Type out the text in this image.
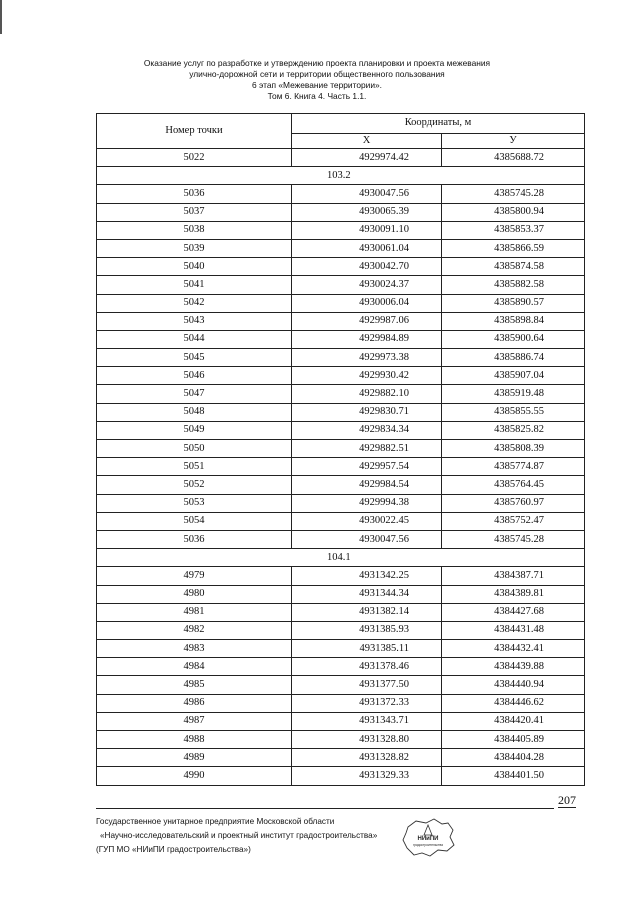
Оказание услуг по разработке и утверждению проекта планировки и проекта межевания
улично-дорожной сети и территории общественного пользования
6 этап «Межевание территории».
Том 6. Книга 4. Часть 1.1.
Номер точки	Координаты, м	
	X	У
5022	4929974.42	4385688.72
103.2		
5036	4930047.56	4385745.28
5037	4930065.39	4385800.94
5038	4930091.10	4385853.37
5039	4930061.04	4385866.59
5040	4930042.70	4385874.58
5041	4930024.37	4385882.58
5042	4930006.04	4385890.57
5043	4929987.06	4385898.84
5044	4929984.89	4385900.64
5045	4929973.38	4385886.74
5046	4929930.42	4385907.04
5047	4929882.10	4385919.48
5048	4929830.71	4385855.55
5049	4929834.34	4385825.82
5050	4929882.51	4385808.39
5051	4929957.54	4385774.87
5052	4929984.54	4385764.45
5053	4929994.38	4385760.97
5054	4930022.45	4385752.47
5036	4930047.56	4385745.28
104.1		
4979	4931342.25	4384387.71
4980	4931344.34	4384389.81
4981	4931382.14	4384427.68
4982	4931385.93	4384431.48
4983	4931385.11	4384432.41
4984	4931378.46	4384439.88
4985	4931377.50	4384440.94
4986	4931372.33	4384446.62
4987	4931343.71	4384420.41
4988	4931328.80	4384405.89
4989	4931328.82	4384404.28
4990	4931329.33	4384401.50
207
Государственное унитарное предприятие Московской области
«Научно-исследовательский и проектный институт градостроительства»
(ГУП МО «НИиПИ градостроительства»)
НИиПИ
градостроительства
